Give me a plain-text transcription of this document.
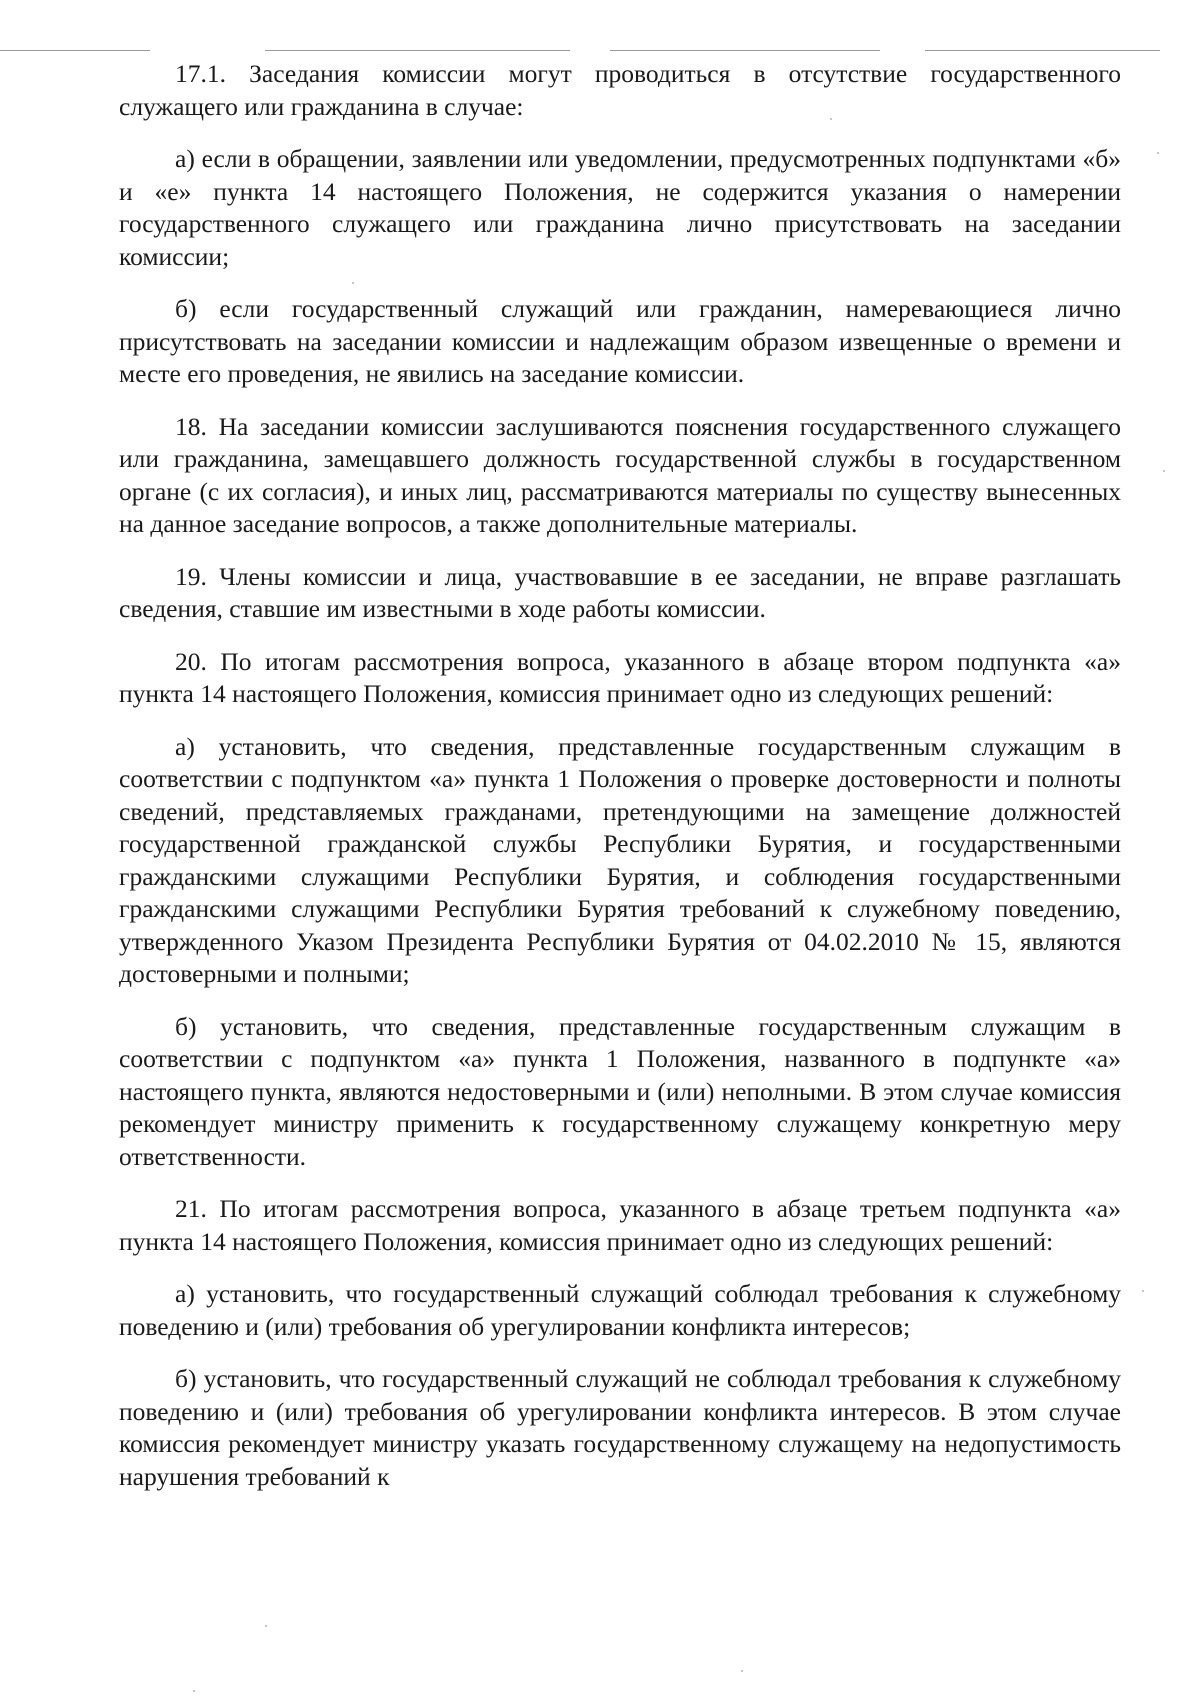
17.1. Заседания комиссии могут проводиться в отсутствие государственного служащего или гражданина в случае:

а) если в обращении, заявлении или уведомлении, предусмотренных подпунктами «б» и «е» пункта 14 настоящего Положения, не содержится указания о намерении государственного служащего или гражданина лично присутствовать на заседании комиссии;

б) если государственный служащий или гражданин, намеревающиеся лично присутствовать на заседании комиссии и надлежащим образом извещенные о времени и месте его проведения, не явились на заседание комиссии.

18. На заседании комиссии заслушиваются пояснения государственного служащего или гражданина, замещавшего должность государственной службы в государственном органе (с их согласия), и иных лиц, рассматриваются материалы по существу вынесенных на данное заседание вопросов, а также дополнительные материалы.

19. Члены комиссии и лица, участвовавшие в ее заседании, не вправе разглашать сведения, ставшие им известными в ходе работы комиссии.

20. По итогам рассмотрения вопроса, указанного в абзаце втором подпункта «а» пункта 14 настоящего Положения, комиссия принимает одно из следующих решений:

а) установить, что сведения, представленные государственным служащим в соответствии с подпунктом «а» пункта 1 Положения о проверке достоверности и полноты сведений, представляемых гражданами, претендующими на замещение должностей государственной гражданской службы Республики Бурятия, и государственными гражданскими служащими Республики Бурятия, и соблюдения государственными гражданскими служащими Республики Бурятия требований к служебному поведению, утвержденного Указом Президента Республики Бурятия от 04.02.2010 № 15, являются достоверными и полными;

б) установить, что сведения, представленные государственным служащим в соответствии с подпунктом «а» пункта 1 Положения, названного в подпункте «а» настоящего пункта, являются недостоверными и (или) неполными. В этом случае комиссия рекомендует министру применить к государственному служащему конкретную меру ответственности.

21. По итогам рассмотрения вопроса, указанного в абзаце третьем подпункта «а» пункта 14 настоящего Положения, комиссия принимает одно из следующих решений:

а) установить, что государственный служащий соблюдал требования к служебному поведению и (или) требования об урегулировании конфликта интересов;

б) установить, что государственный служащий не соблюдал требования к служебному поведению и (или) требования об урегулировании конфликта интересов. В этом случае комиссия рекомендует министру указать государственному служащему на недопустимость нарушения требований к
